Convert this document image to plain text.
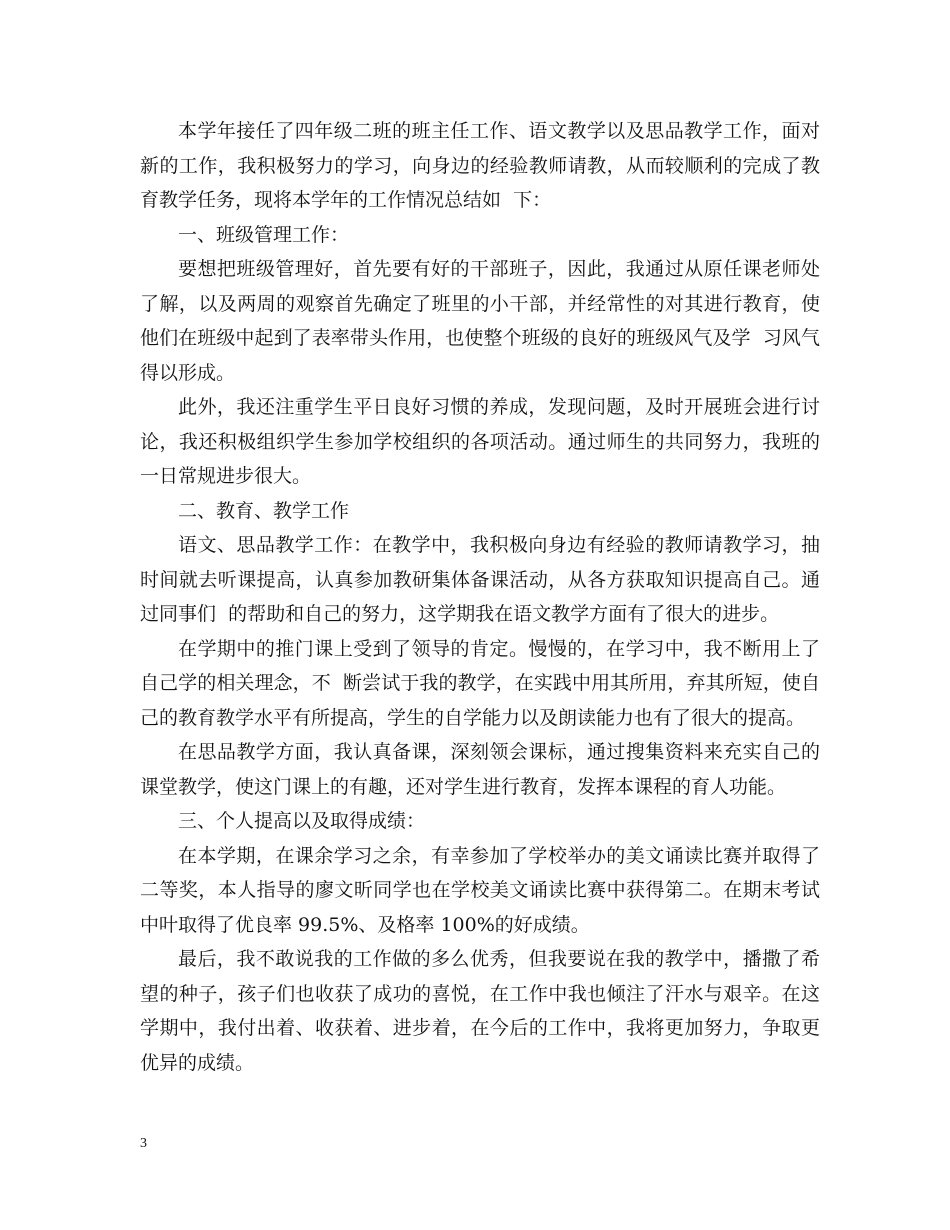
本学年接任了四年级二班的班主任工作、语文教学以及思品教学工作，面对新的工作，我积极努力的学习，向身边的经验教师请教，从而较顺利的完成了教育教学任务，现将本学年的工作情况总结如  下：

一、班级管理工作：

要想把班级管理好，首先要有好的干部班子，因此，我通过从原任课老师处了解，以及两周的观察首先确定了班里的小干部，并经常性的对其进行教育，使他们在班级中起到了表率带头作用，也使整个班级的良好的班级风气及学  习风气得以形成。

此外，我还注重学生平日良好习惯的养成，发现问题，及时开展班会进行讨论，我还积极组织学生参加学校组织的各项活动。通过师生的共同努力，我班的一日常规进步很大。

二、教育、教学工作

语文、思品教学工作：在教学中，我积极向身边有经验的教师请教学习，抽时间就去听课提高，认真参加教研集体备课活动，从各方获取知识提高自己。通过同事们  的帮助和自己的努力，这学期我在语文教学方面有了很大的进步。

在学期中的推门课上受到了领导的肯定。慢慢的，在学习中，我不断用上了自己学的相关理念，不  断尝试于我的教学，在实践中用其所用，弃其所短，使自己的教育教学水平有所提高，学生的自学能力以及朗读能力也有了很大的提高。

在思品教学方面，我认真备课，深刻领会课标，通过搜集资料来充实自己的课堂教学，使这门课上的有趣，还对学生进行教育，发挥本课程的育人功能。

三、个人提高以及取得成绩：

在本学期，在课余学习之余，有幸参加了学校举办的美文诵读比赛并取得了二等奖，本人指导的廖文昕同学也在学校美文诵读比赛中获得第二。在期末考试中叶取得了优良率 99.5%、及格率 100%的好成绩。

最后，我不敢说我的工作做的多么优秀，但我要说在我的教学中，播撒了希望的种子，孩子们也收获了成功的喜悦，在工作中我也倾注了汗水与艰辛。在这学期中，我付出着、收获着、进步着，在今后的工作中，我将更加努力，争取更优异的成绩。

3
